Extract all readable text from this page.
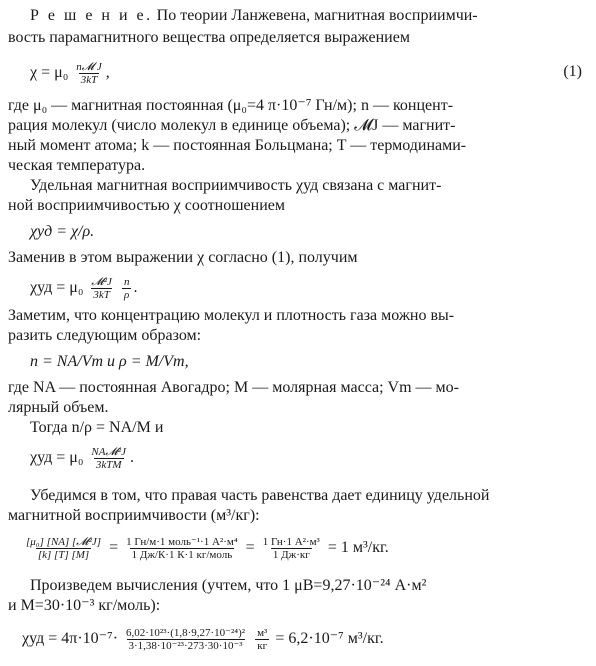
Р е ш е н и е. По теории Ланжевена, магнитная восприимчи-
вость парамагнитного вещества определяется выражением
$\chi = \mu_0 \frac{\text{n𝓜 J}}{3kT}$ ,	(1)
где μ₀ — магнитная постоянная (μ₀=4 π·10⁻⁷ Гн/м); n — концент-
рация молекул (число молекул в единице объема); 𝓜J — магнит-
ный момент атома; k — постоянная Больцмана; T — термодинами-
ческая температура.
Удельная магнитная восприимчивость χуд связана с магнит-
ной восприимчивостью χ соотношением
χуд = χ/ρ.
Заменив в этом выражении χ согласно (1), получим
$\chi уд = \mu_0 \frac{\text{𝓜²J}}{3kT}$
$\frac{n}{\rho}$ .
Заметим, что концентрацию молекул и плотность газа можно вы-
разить следующим образом:
n = NA/Vm и ρ = M/Vm,
где NA — постоянная Авогадро; M — молярная масса; Vm — мо-
лярный объем.
Тогда n/ρ = NA/M и
$\chi уд = \mu_0 \frac{\text{NA𝓜²J}}{\text{3kTM}}$ .
Убедимся в том, что правая часть равенства дает единицу удельной
магнитной восприимчивости (м³/кг):
$\frac{\text{[μ₀] [NA] [𝓜²J]}}{[k] [T] [M]} = \frac{\text{1 Гн/м·1 моль⁻¹·1 А²·м⁴}}{\text{1 Дж/К·1 К·1 кг/моль}} = \frac{\text{1 Гн·1 А²·м³}}{1 Дж\cdot кг} = 1$ м³/кг.
Произведем вычисления (учтем, что 1 μB=9,27·10⁻²⁴ А·м²
и M=30·10⁻³ кг/моль):
$\chi уд = 4\pi\cdot 10^{-7}\cdot \frac{\text{6,02·10²³·(1,8·9,27·10⁻²⁴)²}}{\text{3·1,38·10⁻²³·273·30·10⁻³}}$
$\frac{\text{м³}}{кг} = 6,2\cdot 10^{-7}$ м³/кг.
